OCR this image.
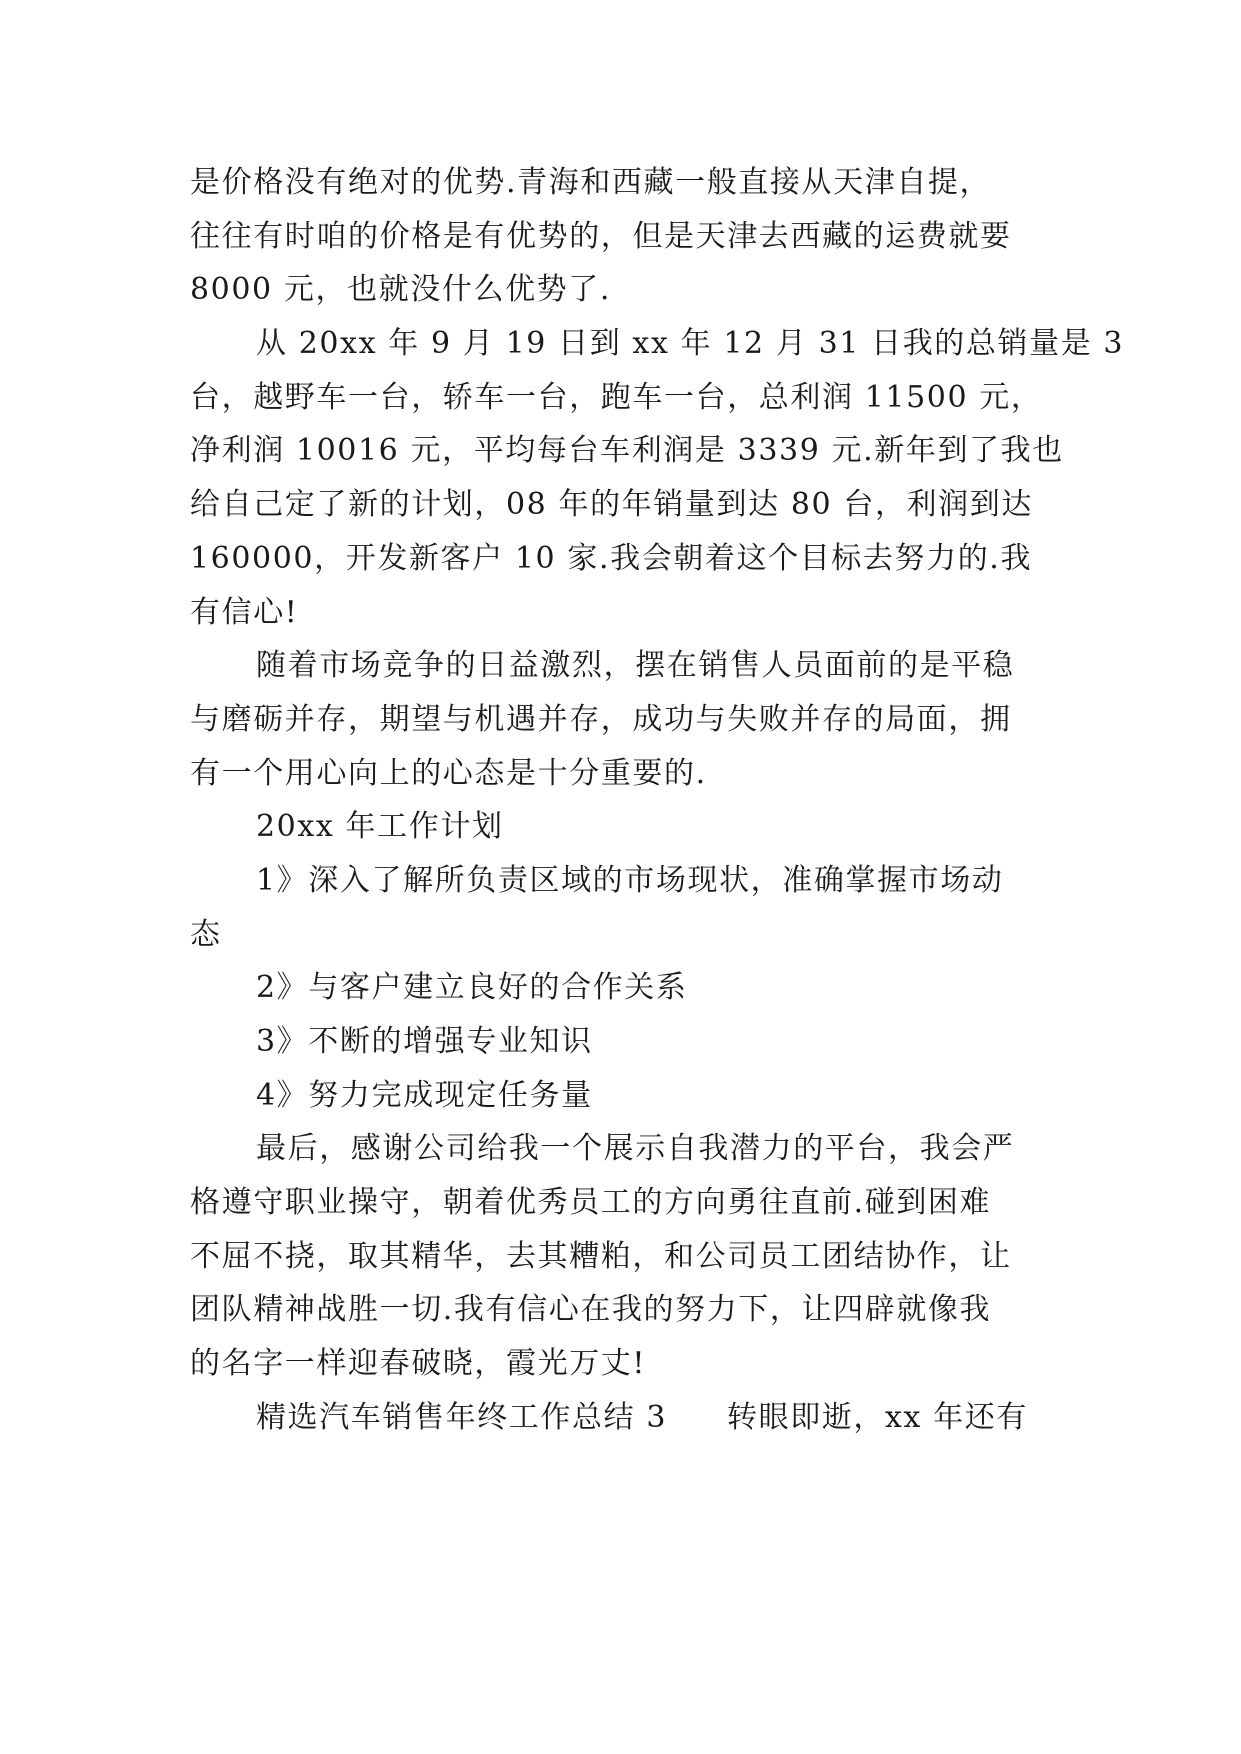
是价格没有绝对的优势.青海和西藏一般直接从天津自提，
往往有时咱的价格是有优势的，但是天津去西藏的运费就要
8000 元，也就没什么优势了.
从 20xx 年 9 月 19 日到 xx 年 12 月 31 日我的总销量是 3
台，越野车一台，轿车一台，跑车一台，总利润 11500 元，
净利润 10016 元，平均每台车利润是 3339 元.新年到了我也
给自己定了新的计划，08 年的年销量到达 80 台，利润到达
160000，开发新客户 10 家.我会朝着这个目标去努力的.我
有信心!
随着市场竞争的日益激烈，摆在销售人员面前的是平稳
与磨砺并存，期望与机遇并存，成功与失败并存的局面，拥
有一个用心向上的心态是十分重要的.
20xx 年工作计划
1》深入了解所负责区域的市场现状，准确掌握市场动
态
2》与客户建立良好的合作关系
3》不断的增强专业知识
4》努力完成现定任务量
最后，感谢公司给我一个展示自我潜力的平台，我会严
格遵守职业操守，朝着优秀员工的方向勇往直前.碰到困难
不屈不挠，取其精华，去其糟粕，和公司员工团结协作，让
团队精神战胜一切.我有信心在我的努力下，让四辟就像我
的名字一样迎春破晓，霞光万丈!
精选汽车销售年终工作总结 3 转眼即逝，xx 年还有
